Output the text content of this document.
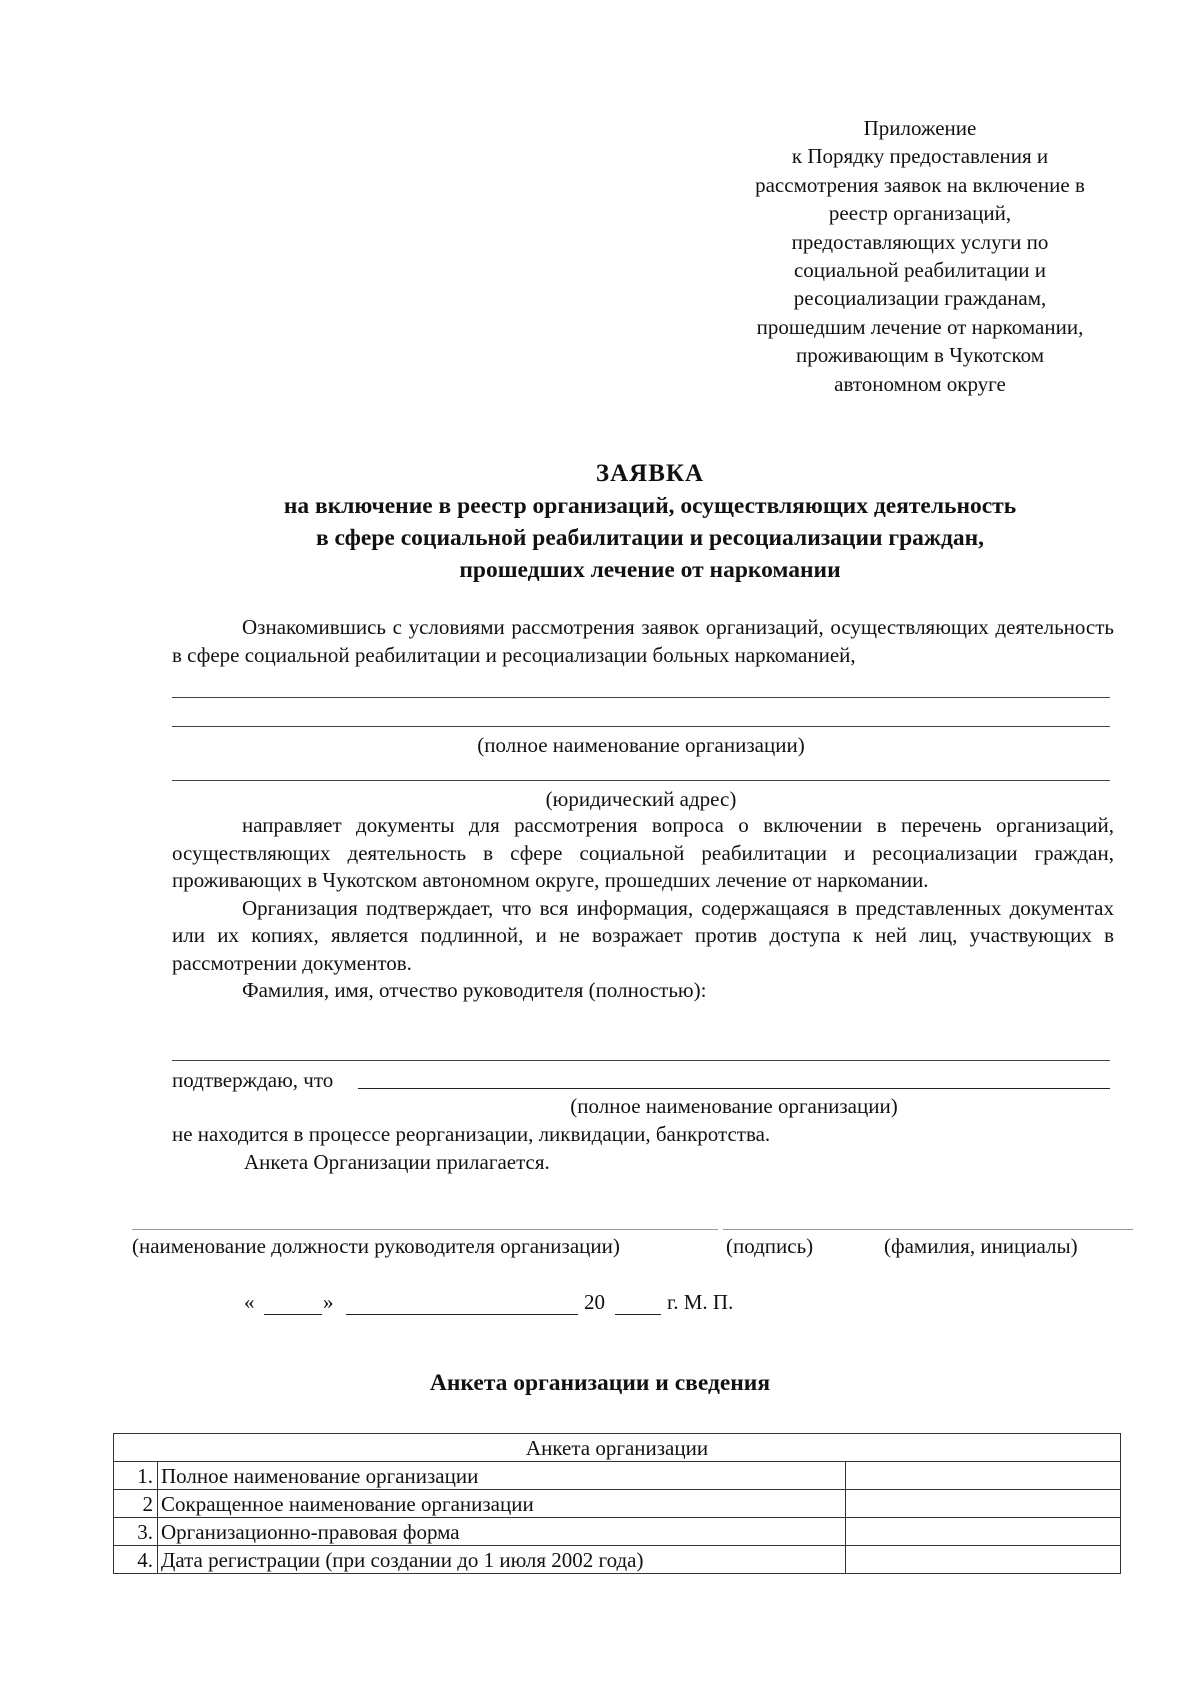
Приложение
к Порядку предоставления и
рассмотрения заявок на включение в
реестр организаций,
предоставляющих услуги по
социальной реабилитации и
ресоциализации гражданам,
прошедшим лечение от наркомании,
проживающим в Чукотском
автономном округе
ЗАЯВКА
на включение в реестр организаций, осуществляющих деятельность
в сфере социальной реабилитации и ресоциализации граждан,
прошедших лечение от наркомании
Ознакомившись с условиями рассмотрения заявок организаций, осуществляющих деятельность в сфере социальной реабилитации и ресоциализации больных наркоманией,
(полное наименование организации)
(юридический адрес)
направляет документы для рассмотрения вопроса о включении в перечень организаций, осуществляющих деятельность в сфере социальной реабилитации и ресоциализации граждан, проживающих в Чукотском автономном округе, прошедших лечение от наркомании.
Организация подтверждает, что вся информация, содержащаяся в представленных документах или их копиях, является подлинной, и не возражает против доступа к ней лиц, участвующих в рассмотрении документов.
Фамилия, имя, отчество руководителя (полностью):
подтверждаю, что
(полное наименование организации)
не находится в процессе реорганизации, ликвидации, банкротства.
Анкета Организации прилагается.
(наименование должности руководителя организации)	(подпись)	(фамилия, инициалы)
«	»	20	г. М. П.
Анкета организации и сведения
Анкета организации		
1.	Полное наименование организации	
2	Сокращенное наименование организации	
3.	Организационно-правовая форма	
4.	Дата регистрации (при создании до 1 июля 2002 года)	
